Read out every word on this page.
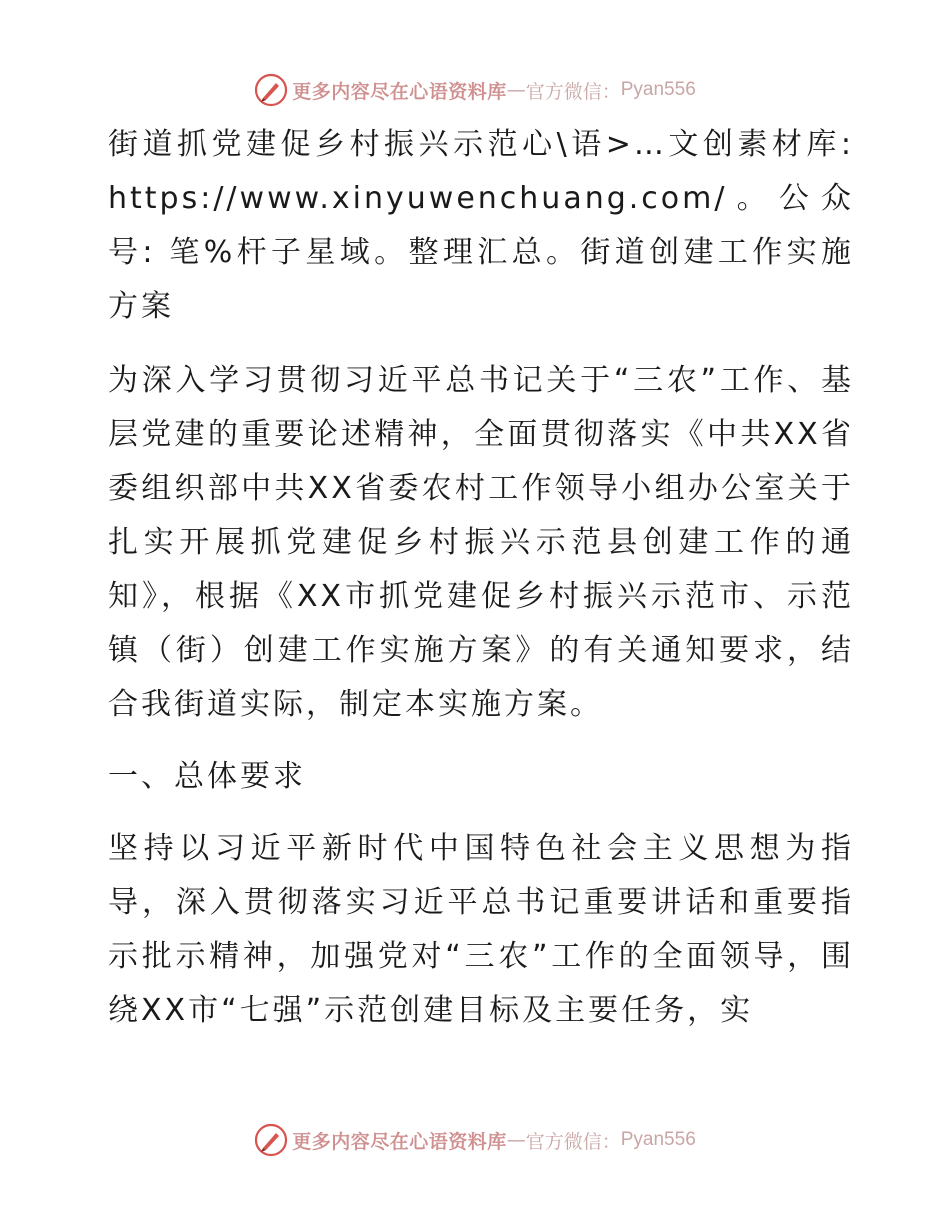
更多内容尽在心语资料库 — 官方微信： Pyan556

街道抓党建促乡村振兴示范心\语>…文创素材库: https://www.xinyuwenchuang.com/。公众号: 笔%杆子星域。整理汇总。街道创建工作实施方案

为深入学习贯彻习近平总书记关于“三农”工作、基层党建的重要论述精神，全面贯彻落实《中共XX省委组织部中共XX省委农村工作领导小组办公室关于扎实开展抓党建促乡村振兴示范县创建工作的通知》，根据《XX市抓党建促乡村振兴示范市、示范镇（街）创建工作实施方案》的有关通知要求，结合我街道实际，制定本实施方案。

一、总体要求

坚持以习近平新时代中国特色社会主义思想为指导，深入贯彻落实习近平总书记重要讲话和重要指示批示精神，加强党对“三农”工作的全面领导，围绕XX市“七强”示范创建目标及主要任务，实

更多内容尽在心语资料库 — 官方微信： Pyan556
